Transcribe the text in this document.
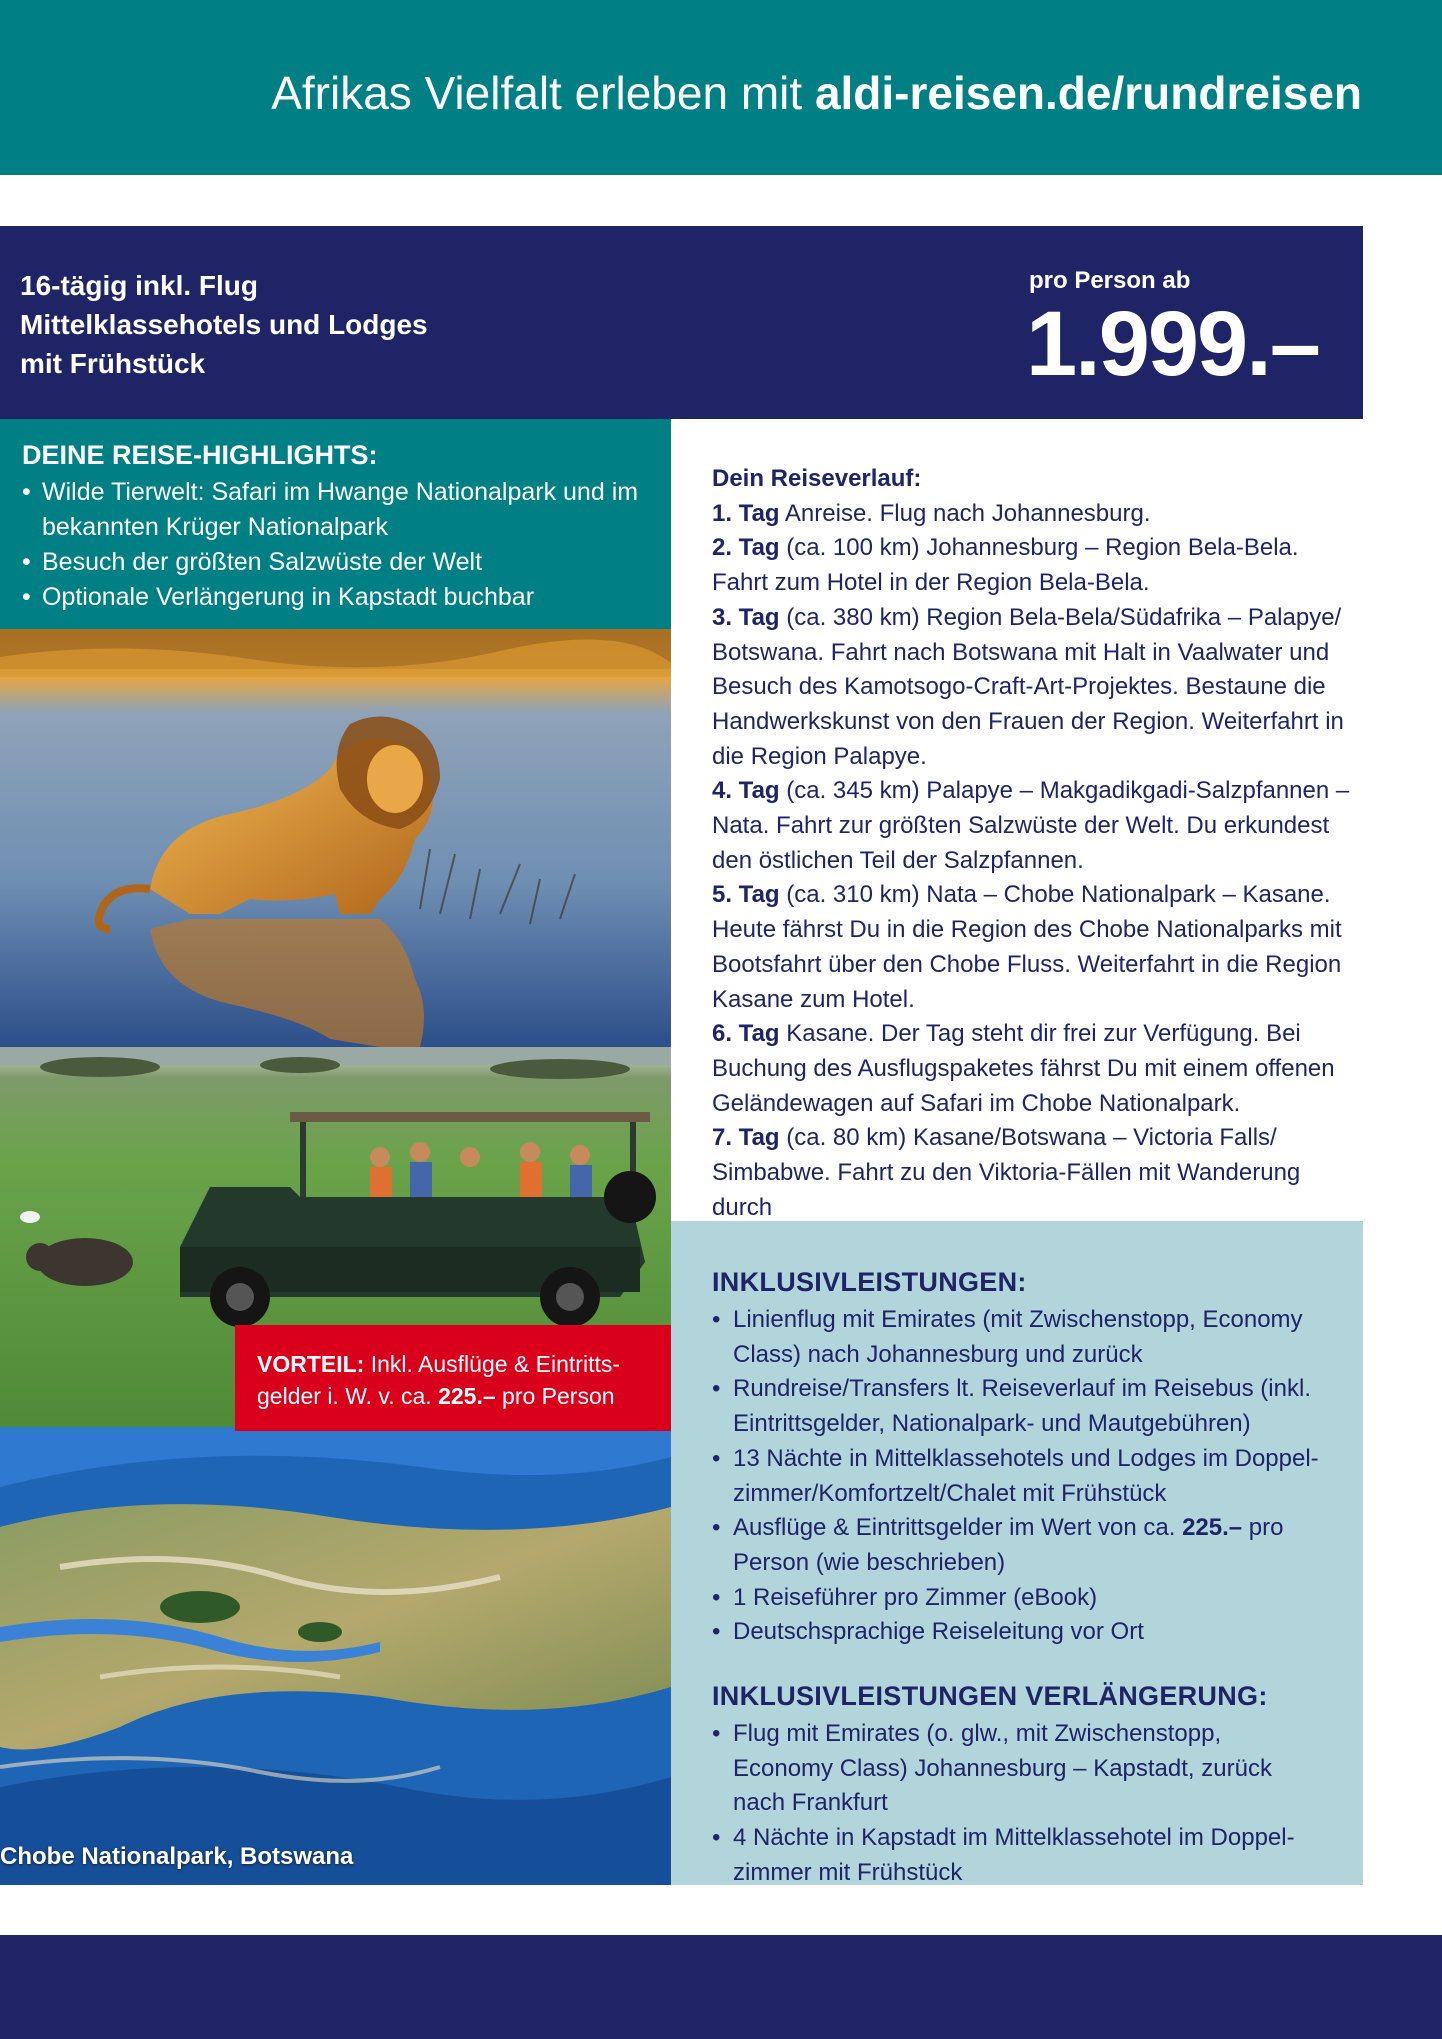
Afrikas Vielfalt erleben mit aldi-reisen.de/rundreisen
16-tägig inkl. Flug
Mittelklassehotels und Lodges
mit Frühstück
pro Person ab
1.999.–
DEINE REISE-HIGHLIGHTS:
• Wilde Tierwelt: Safari im Hwange Nationalpark und im bekannten Krüger Nationalpark
• Besuch der größten Salzwüste der Welt
• Optionale Verlängerung in Kapstadt buchbar
VORTEIL: Inkl. Ausflüge & Eintritts-gelder i. W. v. ca. 225.– pro Person
Chobe Nationalpark, Botswana
Dein Reiseverlauf:

1. Tag Anreise. Flug nach Johannesburg.

2. Tag (ca. 100 km) Johannesburg – Region Bela-Bela. Fahrt zum Hotel in der Region Bela-Bela.

3. Tag (ca. 380 km) Region Bela-Bela/Südafrika – Palapye/ Botswana. Fahrt nach Botswana mit Halt in Vaalwater und Besuch des Kamotsogo-Craft-Art-Projektes. Bestaune die Handwerkskunst von den Frauen der Region. Weiterfahrt in die Region Palapye.

4. Tag (ca. 345 km) Palapye – Makgadikgadi-Salzpfannen – Nata. Fahrt zur größten Salzwüste der Welt. Du erkundest den östlichen Teil der Salzpfannen.

5. Tag (ca. 310 km) Nata – Chobe Nationalpark – Kasane. Heute fährst Du in die Region des Chobe Nationalparks mit Bootsfahrt über den Chobe Fluss. Weiterfahrt in die Region Kasane zum Hotel.

6. Tag Kasane. Der Tag steht dir frei zur Verfügung. Bei Buchung des Ausflugspaketes fährst Du mit einem offenen Geländewagen auf Safari im Chobe Nationalpark.

7. Tag (ca. 80 km) Kasane/Botswana – Victoria Falls/ Simbabwe. Fahrt zu den Viktoria-Fällen mit Wanderung durch

INKLUSIVLEISTUNGEN:
• Linienflug mit Emirates (mit Zwischenstopp, Economy Class) nach Johannesburg und zurück
• Rundreise/Transfers lt. Reiseverlauf im Reisebus (inkl. Eintrittsgelder, Nationalpark- und Mautgebühren)
• 13 Nächte in Mittelklassehotels und Lodges im Doppel-zimmer/Komfortzelt/Chalet mit Frühstück
• Ausflüge & Eintrittsgelder im Wert von ca. 225.– pro Person (wie beschrieben)
• 1 Reiseführer pro Zimmer (eBook)
• Deutschsprachige Reiseleitung vor Ort
INKLUSIVLEISTUNGEN VERLÄNGERUNG:
• Flug mit Emirates (o. glw., mit Zwischenstopp, Economy Class) Johannesburg – Kapstadt, zurück nach Frankfurt
• 4 Nächte in Kapstadt im Mittelklassehotel im Doppel-zimmer mit Frühstück
